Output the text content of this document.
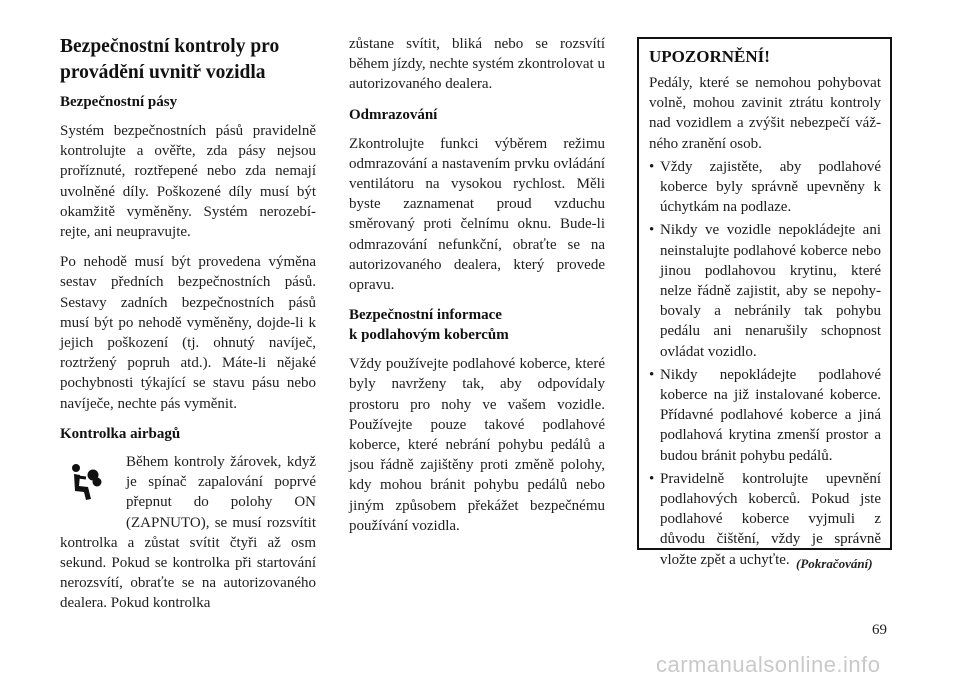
Bezpečnostní kontroly pro provádění uvnitř vozidla
Bezpečnostní pásy

Systém bezpečnostních pásů pravidelně kontrolujte a ověřte, zda pásy nejsou proříznuté, roztřepené nebo zda nemají uvolněné díly. Poškozené díly musí být okamžitě vyměněny. Systém nerozebírejte, ani neupravujte.

Po nehodě musí být provedena výměna sestav předních bezpečnostních pásů. Sestavy zadních bezpečnostních pásů musí být po nehodě vyměněny, dojde-li k jejich poškození (tj. ohnutý navíječ, roztržený popruh atd.). Máte-li nějaké pochybnosti týkající se stavu pásu nebo navíječe, nechte pás vyměnit.

Kontrolka airbagů

Během kontroly žárovek, když je spínač zapalování poprvé přepnut do polohy ON (ZAPNUTO), se musí rozsvítit kontrolka a zůstat svítit čtyři až osm sekund. Pokud se kontrolka při startování nerozsvítí, obraťte se na autorizovaného dealera. Pokud kontrolka

zůstane svítit, bliká nebo se rozsvítí během jízdy, nechte systém zkontrolovat u autorizovaného dealera.

Odmrazování

Zkontrolujte funkci výběrem režimu odmrazování a nastavením prvku ovládání ventilátoru na vysokou rychlost. Měli byste zaznamenat proud vzduchu směrovaný proti čelnímu oknu. Bude-li odmrazování nefunkční, obraťte se na autorizovaného dealera, který provede opravu.

Bezpečnostní informace
k podlahovým kobercům

Vždy používejte podlahové koberce, které byly navrženy tak, aby odpovídaly prostoru pro nohy ve vašem vozidle. Používejte pouze takové podlahové koberce, které nebrání pohybu pedálů a jsou řádně zajištěny proti změně polohy, kdy mohou bránit pohybu pedálů nebo jiným způsobem překážet bezpečnému používání vozidla.

UPOZORNĚNÍ!

Pedály, které se nemohou pohybovat volně, mohou zavinit ztrátu kontroly nad vozidlem a zvýšit nebezpečí vážného zranění osob.

• Vždy zajistěte, aby podlahové koberce byly správně upevněny k úchytkám na podlaze.
• Nikdy ve vozidle nepokládejte ani neinstalujte podlahové koberce nebo jinou podlahovou krytinu, které nelze řádně zajistit, aby se nepohybovaly a nebránily tak pohybu pedálu ani nenarušily schopnost ovládat vozidlo.
• Nikdy nepokládejte podlahové koberce na již instalované koberce. Přídavné podlahové koberce a jiná podlahová krytina zmenší prostor a budou bránit pohybu pedálů.
• Pravidelně kontrolujte upevnění podlahových koberců. Pokud jste podlahové koberce vyjmuli z důvodu čištění, vždy je správně vložte zpět a uchyťte. (Pokračování)
69
carmanualsonline.info
